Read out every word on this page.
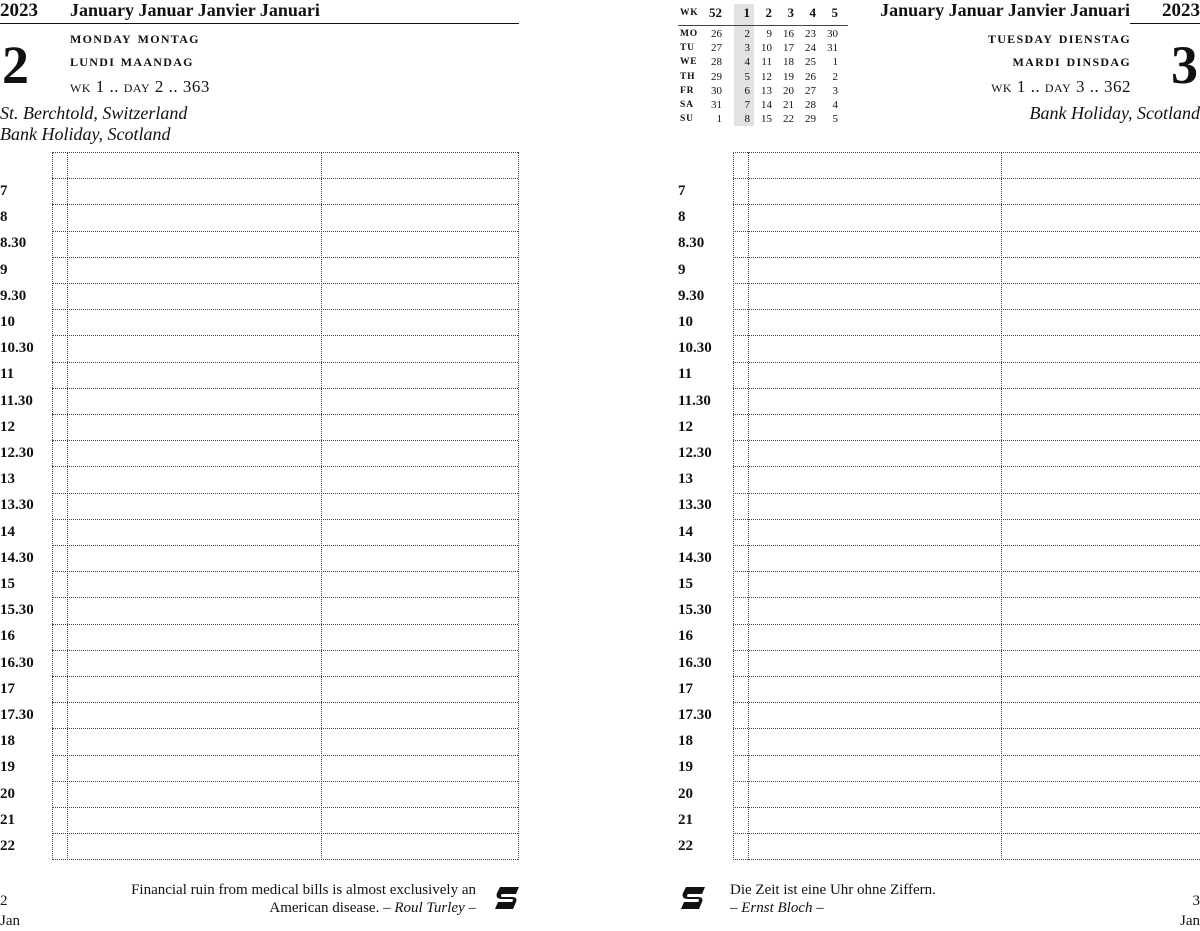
2023 January Januar Janvier Januari
2 monday montag
lundi maandag
wk 1 .. day 2 .. 363
St. Berchtold, Switzerland
Bank Holiday, Scotland
7
8
8.30
9
9.30
10
10.30
11
11.30
12
12.30
13
13.30
14
14.30
15
15.30
16
16.30
17
17.30
18
19
20
21
22
2
Jan
Financial ruin from medical bills is almost exclusively an
American disease. – Roul Turley –
WK 52	1	2	3	4	5
MO	26	2	9	16	23	30
TU	27	3	10	17	24	31
WE	28	4	11	18	25	1
TH	29	5	12	19	26	2
FR	30	6	13	20	27	3
SA	31	7	14	21	28	4
SU	1	8	15	22	29	5
January Januar Janvier Januari 2023
tuesday dienstag
mardi dinsdag
wk 1 .. day 3 .. 362 3
Bank Holiday, Scotland
7
8
8.30
9
9.30
10
10.30
11
11.30
12
12.30
13
13.30
14
14.30
15
15.30
16
16.30
17
17.30
18
19
20
21
22
3
Jan
Die Zeit ist eine Uhr ohne Ziffern.
– Ernst Bloch –
